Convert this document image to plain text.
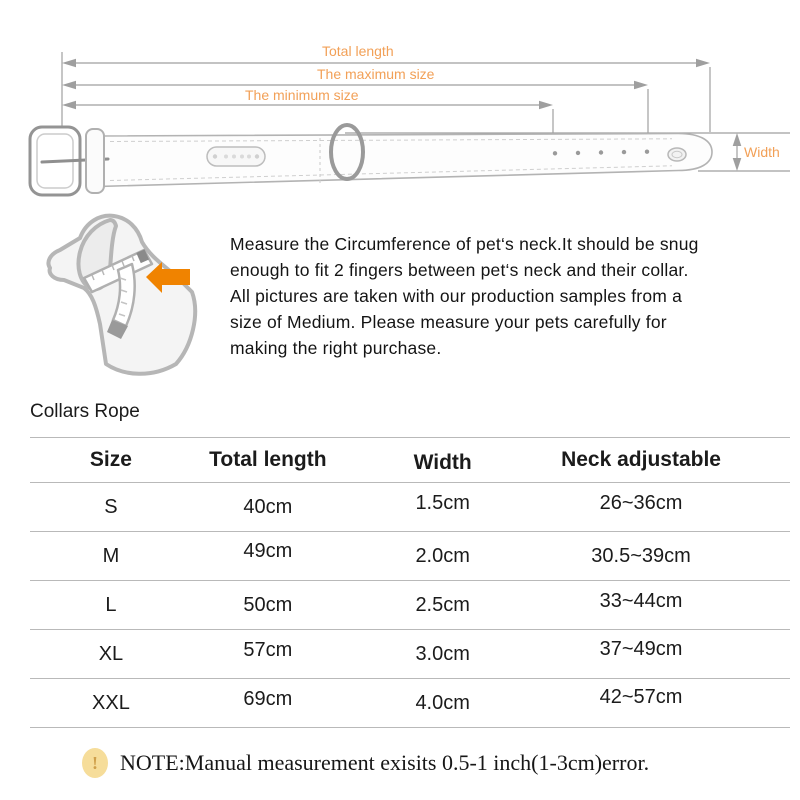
Total length
The maximum size
The minimum size
Width
Measure the Circumference of pet‘s neck.It should be snug
enough to fit 2 fingers between pet‘s neck and their collar.
All pictures are taken with our production samples from a
size of Medium. Please measure your pets carefully for
making the right purchase.
Collars Rope
Size	Total length	Width	Neck adjustable
S	40cm	1.5cm	26~36cm
M	49cm	2.0cm	30.5~39cm
L	50cm	2.5cm	33~44cm
XL	57cm	3.0cm	37~49cm
XXL	69cm	4.0cm	42~57cm
!	NOTE:Manual measurement exisits 0.5-1 inch(1-3cm)error.
